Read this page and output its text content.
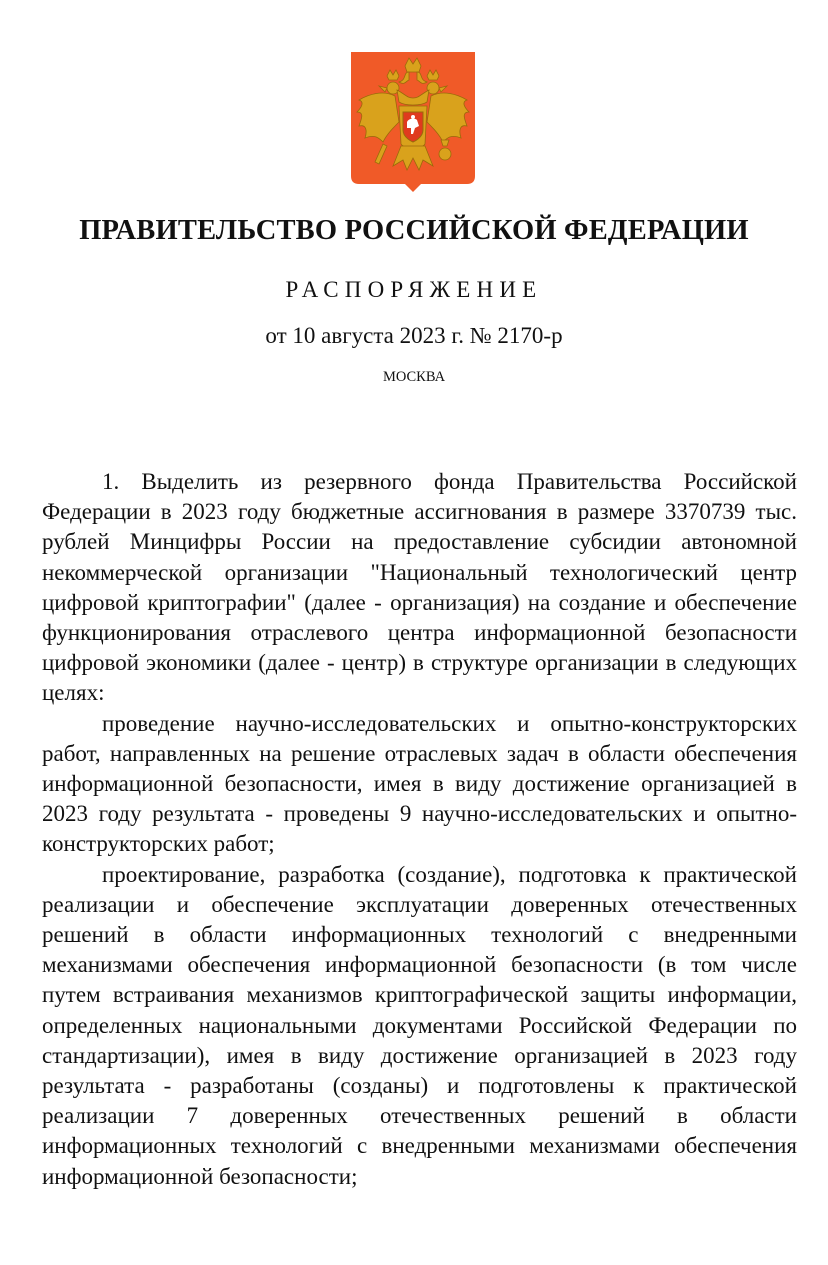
ПРАВИТЕЛЬСТВО РОССИЙСКОЙ ФЕДЕРАЦИИ
РАСПОРЯЖЕНИЕ
от 10 августа 2023 г. № 2170-р
МОСКВА

1. Выделить из резервного фонда Правительства Российской Федерации в 2023 году бюджетные ассигнования в размере 3370739 тыс. рублей Минцифры России на предоставление субсидии автономной некоммерческой организации "Национальный технологический центр цифровой криптографии" (далее - организация) на создание и обеспечение функционирования отраслевого центра информационной безопасности цифровой экономики (далее - центр) в структуре организации в следующих целях:

проведение научно-исследовательских и опытно-конструкторских работ, направленных на решение отраслевых задач в области обеспечения информационной безопасности, имея в виду достижение организацией в 2023 году результата - проведены 9 научно-исследовательских и опытно-конструкторских работ;

проектирование, разработка (создание), подготовка к практической реализации и обеспечение эксплуатации доверенных отечественных решений в области информационных технологий с внедренными механизмами обеспечения информационной безопасности (в том числе путем встраивания механизмов криптографической защиты информации, определенных национальными документами Российской Федерации по стандартизации), имея в виду достижение организацией в 2023 году результата - разработаны (созданы) и подготовлены к практической реализации 7 доверенных отечественных решений в области информационных технологий с внедренными механизмами обеспечения информационной безопасности;
